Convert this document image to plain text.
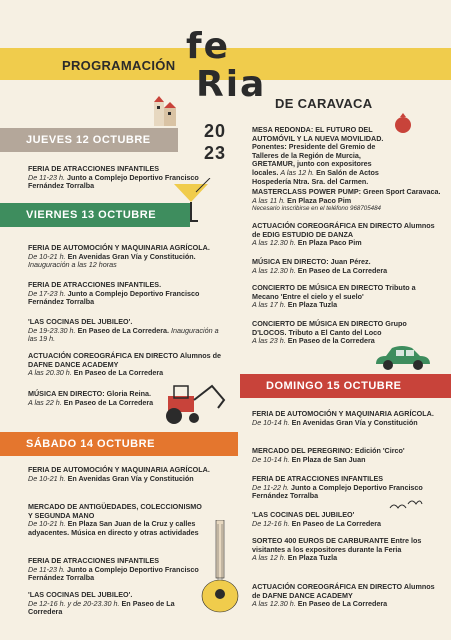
PROGRAMACIÓN fe
Ria DE CARAVACA
20
23
JUEVES 12 OCTUBRE
VIERNES 13 OCTUBRE
SÁBADO 14 OCTUBRE
DOMINGO 15 OCTUBRE
FERIA DE ATRACCIONES INFANTILES
De 11-23 h. Junto a Complejo Deportivo Francisco Fernández Torralba
FERIA DE AUTOMOCIÓN Y MAQUINARIA AGRÍCOLA.
De 10-21 h. En Avenidas Gran Vía y Constitución. Inauguración a las 12 horas
FERIA DE ATRACCIONES INFANTILES.
De 17-23 h. Junto a Complejo Deportivo Francisco Fernández Torralba
'LAS COCINAS DEL JUBILEO'.
De 19-23.30 h. En Paseo de La Corredera. Inauguración a las 19 h.
ACTUACIÓN COREOGRÁFICA EN DIRECTO Alumnos de DAFNE DANCE ACADEMY
A las 20.30 h. En Paseo de La Corredera
MÚSICA EN DIRECTO: Gloria Reina.
A las 22 h. En Paseo de La Corredera
FERIA DE AUTOMOCIÓN Y MAQUINARIA AGRÍCOLA.
De 10-21 h. En Avenidas Gran Vía y Constitución
MERCADO DE ANTIGÜEDADES, COLECCIONISMO Y SEGUNDA MANO
De 10-21 h. En Plaza San Juan de la Cruz y calles adyacentes. Música en directo y otras actividades
FERIA DE ATRACCIONES INFANTILES
De 11-23 h. Junto a Complejo Deportivo Francisco Fernández Torralba
'LAS COCINAS DEL JUBILEO'.
De 12-16 h. y de 20-23.30 h. En Paseo de La Corredera
MESA REDONDA: EL FUTURO DEL AUTOMÓVIL Y LA NUEVA MOVILIDAD.
Ponentes: Presidente del Gremio de Talleres de la Región de Murcia, GRETAMUR, junto con expositores locales. A las 12 h. En Salón de Actos Hospedería Ntra. Sra. del Carmen.
MASTERCLASS POWER PUMP: Green Sport Caravaca.
A las 11 h. En Plaza Paco Pim
Necesario inscribirse en el teléfono 968705484
ACTUACIÓN COREOGRÁFICA EN DIRECTO Alumnos de EDIG ESTUDIO DE DANZA
A las 12.30 h. En Plaza Paco Pim
MÚSICA EN DIRECTO: Juan Pérez.
A las 12.30 h. En Paseo de La Corredera
CONCIERTO DE MÚSICA EN DIRECTO Tributo a Mecano 'Entre el cielo y el suelo'
A las 17 h. En Plaza Tuzla
CONCIERTO DE MÚSICA EN DIRECTO Grupo D'LOCOS. Tributo a El Canto del Loco
A las 23 h. En Paseo de la Corredera
FERIA DE AUTOMOCIÓN Y MAQUINARIA AGRÍCOLA.
De 10-14 h. En Avenidas Gran Vía y Constitución
MERCADO DEL PEREGRINO: Edición 'Circo'
De 10-14 h. En Plaza de San Juan
FERIA DE ATRACCIONES INFANTILES
De 11-22 h. Junto a Complejo Deportivo Francisco Fernández Torralba
'LAS COCINAS DEL JUBILEO'
De 12-16 h. En Paseo de La Corredera
SORTEO 400 EUROS DE CARBURANTE Entre los visitantes a los expositores durante la Feria
A las 12 h. En Plaza Tuzla
ACTUACIÓN COREOGRÁFICA EN DIRECTO Alumnos de DAFNE DANCE ACADEMY
A las 12.30 h. En Paseo de La Corredera
